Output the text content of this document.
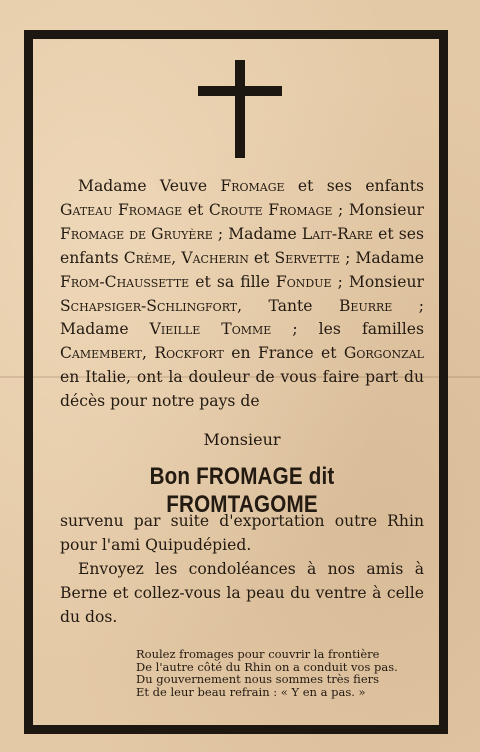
Madame Veuve Fromage et ses enfants Gateau Fromage et Croute Fromage ; Monsieur Fromage de Gruyère ; Madame Lait-Rare et ses enfants Crème, Vacherin et Servette ; Madame From-Chaussette et sa fille Fondue ; Monsieur Schapsiger-Schlingfort, Tante Beurre ; Madame Vieille Tomme ; les familles Camembert, Rockfort en France et Gorgonzal en Italie, ont la douleur de vous faire part du décès pour notre pays de

Monsieur
Bon FROMAGE dit FROMTAGOME

survenu par suite d'exportation outre Rhin pour l'ami Quipudépied.

Envoyez les condoléances à nos amis à Berne et collez-vous la peau du ventre à celle du dos.

Roulez fromages pour couvrir la frontière
De l'autre côté du Rhin on a conduit vos pas.
Du gouvernement nous sommes très fiers
Et de leur beau refrain : « Y en a pas. »
